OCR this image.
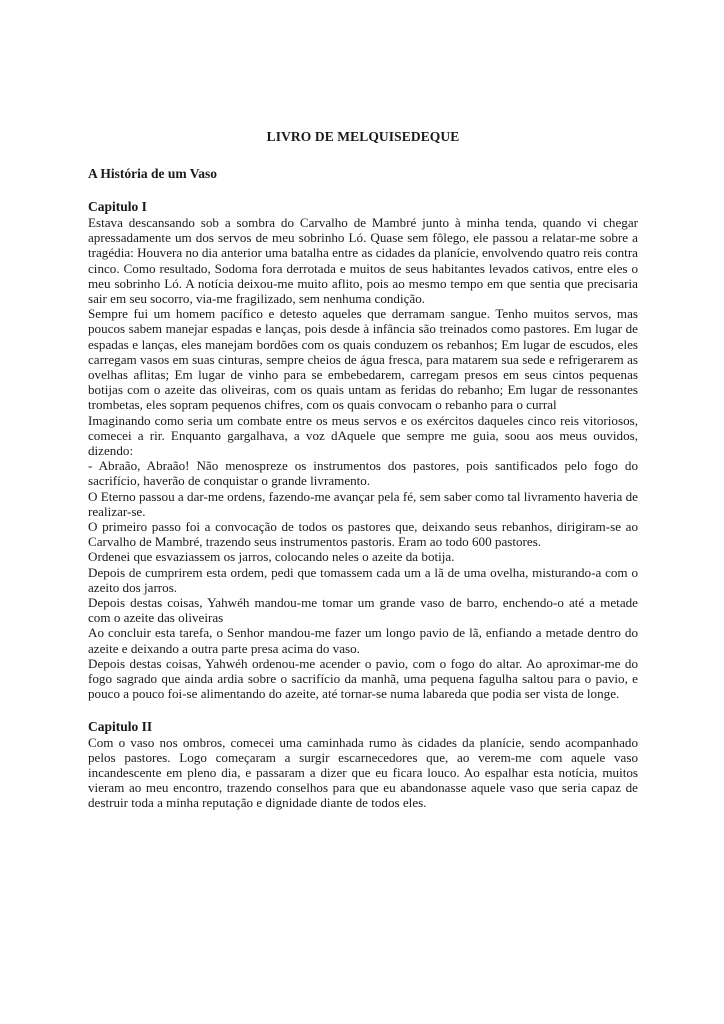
LIVRO DE MELQUISEDEQUE
A História de um Vaso
Capitulo I

Estava descansando sob a sombra do Carvalho de Mambré junto à minha tenda, quando vi chegar apressadamente um dos servos de meu sobrinho Ló. Quase sem fôlego, ele passou a relatar-me sobre a tragédia: Houvera no dia anterior uma batalha entre as cidades da planície, envolvendo quatro reis contra cinco. Como resultado, Sodoma fora derrotada e muitos de seus habitantes levados cativos, entre eles o meu sobrinho Ló. A notícia deixou-me muito aflito, pois ao mesmo tempo em que sentia que precisaria sair em seu socorro, via-me fragilizado, sem nenhuma condição.

Sempre fui um homem pacífico e detesto aqueles que derramam sangue. Tenho muitos servos, mas poucos sabem manejar espadas e lanças, pois desde à infância são treinados como pastores. Em lugar de espadas e lanças, eles manejam bordões com os quais conduzem os rebanhos; Em lugar de escudos, eles carregam vasos em suas cinturas, sempre cheios de água fresca, para matarem sua sede e refrigerarem as ovelhas aflitas; Em lugar de vinho para se embebedarem, carregam presos em seus cintos pequenas botijas com o azeite das oliveiras, com os quais untam as feridas do rebanho; Em lugar de ressonantes trombetas, eles sopram pequenos chifres, com os quais convocam o rebanho para o curral

Imaginando como seria um combate entre os meus servos e os exércitos daqueles cinco reis vitoriosos, comecei a rir. Enquanto gargalhava, a voz dAquele que sempre me guia, soou aos meus ouvidos, dizendo:

- Abraão, Abraão! Não menospreze os instrumentos dos pastores, pois santificados pelo fogo do sacrifício, haverão de conquistar o grande livramento.

O Eterno passou a dar-me ordens, fazendo-me avançar pela fé, sem saber como tal livramento haveria de realizar-se.

O primeiro passo foi a convocação de todos os pastores que, deixando seus rebanhos, dirigiram-se ao Carvalho de Mambré, trazendo seus instrumentos pastoris. Eram ao todo 600 pastores.

Ordenei que esvaziassem os jarros, colocando neles o azeite da botija.

Depois de cumprirem esta ordem, pedi que tomassem cada um a lã de uma ovelha, misturando-a com o azeito dos jarros.

Depois destas coisas, Yahwéh mandou-me tomar um grande vaso de barro, enchendo-o até a metade com o azeite das oliveiras

Ao concluir esta tarefa, o Senhor mandou-me fazer um longo pavio de lã, enfiando a metade dentro do azeite e deixando a outra parte presa acima do vaso.

Depois destas coisas, Yahwéh ordenou-me acender o pavio, com o fogo do altar. Ao aproximar-me do fogo sagrado que ainda ardia sobre o sacrifício da manhã, uma pequena fagulha saltou para o pavio, e pouco a pouco foi-se alimentando do azeite, até tornar-se numa labareda que podia ser vista de longe.

Capitulo II

Com o vaso nos ombros, comecei uma caminhada rumo às cidades da planície, sendo acompanhado pelos pastores. Logo começaram a surgir escarnecedores que, ao verem-me com aquele vaso incandescente em pleno dia, e passaram a dizer que eu ficara louco. Ao espalhar esta notícia, muitos vieram ao meu encontro, trazendo conselhos para que eu abandonasse aquele vaso que seria capaz de destruir toda a minha reputação e dignidade diante de todos eles.
